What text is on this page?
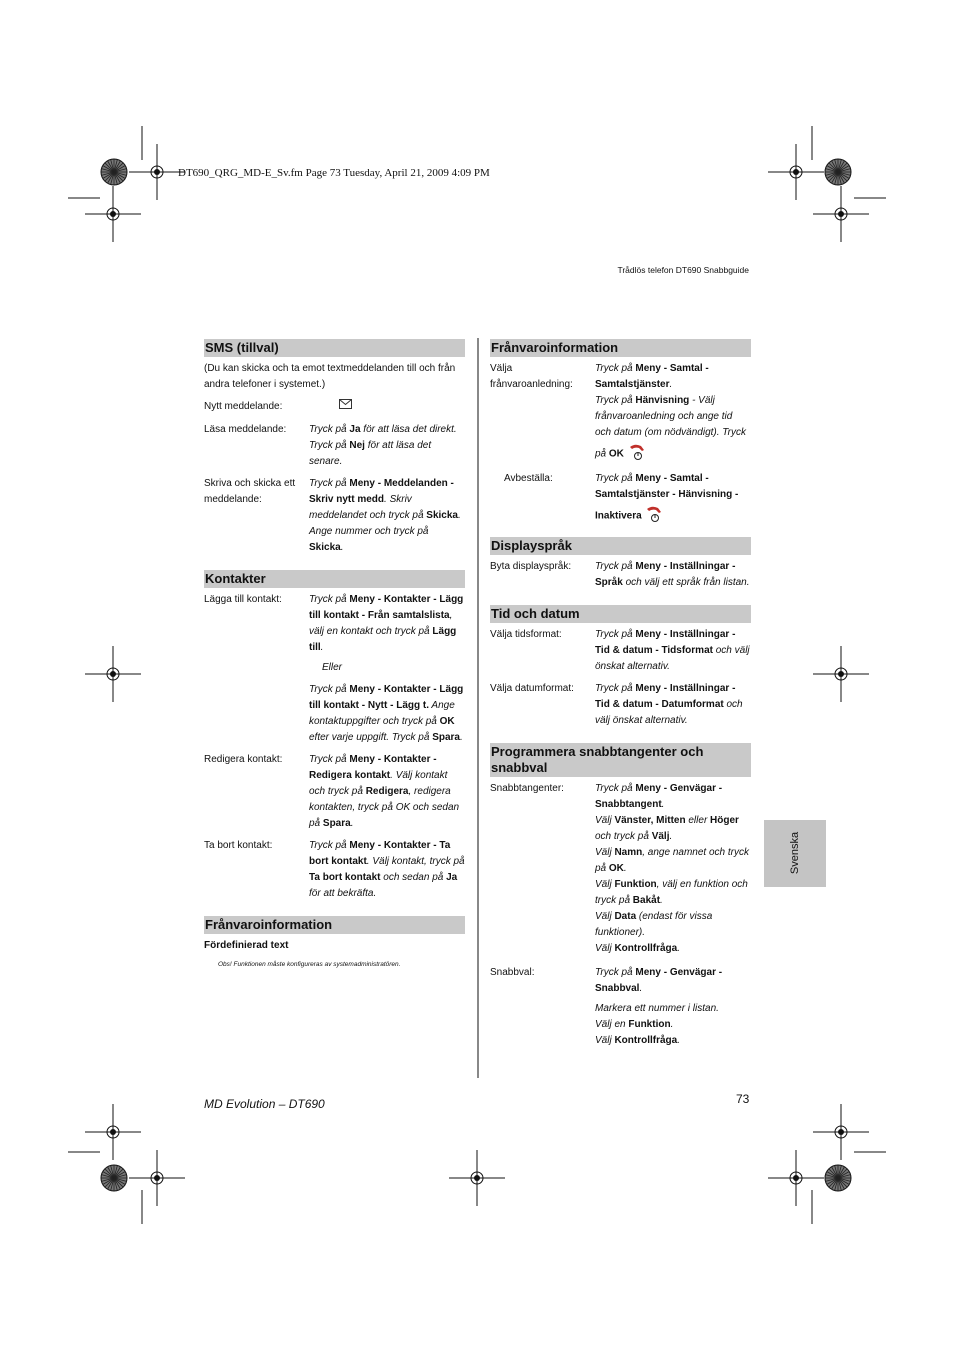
DT690_QRG_MD-E_Sv.fm Page 73 Tuesday, April 21, 2009 4:09 PM
Trådlös telefon DT690 Snabbguide
SMS (tillval)
(Du kan skicka och ta emot textmeddelanden till och från andra telefoner i systemet.)
Nytt meddelande:
Läsa meddelande:	Tryck på Ja för att läsa det direkt.
Tryck på Nej för att läsa det senare.
Skriva och skicka ett meddelande:
Tryck på Meny - Meddelanden - Skriv nytt medd. Skriv meddelandet och tryck på Skicka. Ange nummer och tryck på Skicka.
Kontakter
Lägga till kontakt:	Tryck på Meny - Kontakter - Lägg till kontakt - Från samtalslista, välj en kontakt och tryck på Lägg till.
Eller
Tryck på Meny - Kontakter - Lägg till kontakt - Nytt - Lägg t. Ange kontaktuppgifter och tryck på OK efter varje uppgift. Tryck på Spara.
Redigera kontakt:	Tryck på Meny - Kontakter - Redigera kontakt. Välj kontakt och tryck på Redigera, redigera kontakten, tryck på OK och sedan på Spara.
Ta bort kontakt:	Tryck på Meny - Kontakter - Ta bort kontakt. Välj kontakt, tryck på Ta bort kontakt och sedan på Ja för att bekräfta.
Frånvaroinformation
Fördefinierad text
Obs! Funktionen måste konfigureras av systemadministratören.
Frånvaroinformation
Välja frånvaroanledning:
Tryck på Meny - Samtal - Samtalstjänster.
Tryck på Hänvisning - Välj frånvaroanledning och ange tid och datum (om nödvändigt). Tryck på OK
Avbeställa:	Tryck på Meny - Samtal - Samtalstjänster - Hänvisning - Inaktivera
Displayspråk
Byta displayspråk:	Tryck på Meny - Inställningar - Språk och välj ett språk från listan.
Tid och datum
Välja tidsformat:	Tryck på Meny - Inställningar - Tid & datum - Tidsformat och välj önskat alternativ.
Välja datumformat:	Tryck på Meny - Inställningar - Tid & datum - Datumformat och välj önskat alternativ.
Programmera snabbtangenter och snabbval
Snabbtangenter:	Tryck på Meny - Genvägar - Snabbtangent.
Välj Vänster, Mitten eller Höger och tryck på Välj.
Välj Namn, ange namnet och tryck på OK.
Välj Funktion, välj en funktion och tryck på Bakåt.
Välj Data (endast för vissa funktioner).
Välj Kontrollfråga.
Snabbval:	Tryck på Meny - Genvägar - Snabbval.
Markera ett nummer i listan.
Välj en Funktion.
Välj Kontrollfråga.
Svenska
MD Evolution – DT690	73
